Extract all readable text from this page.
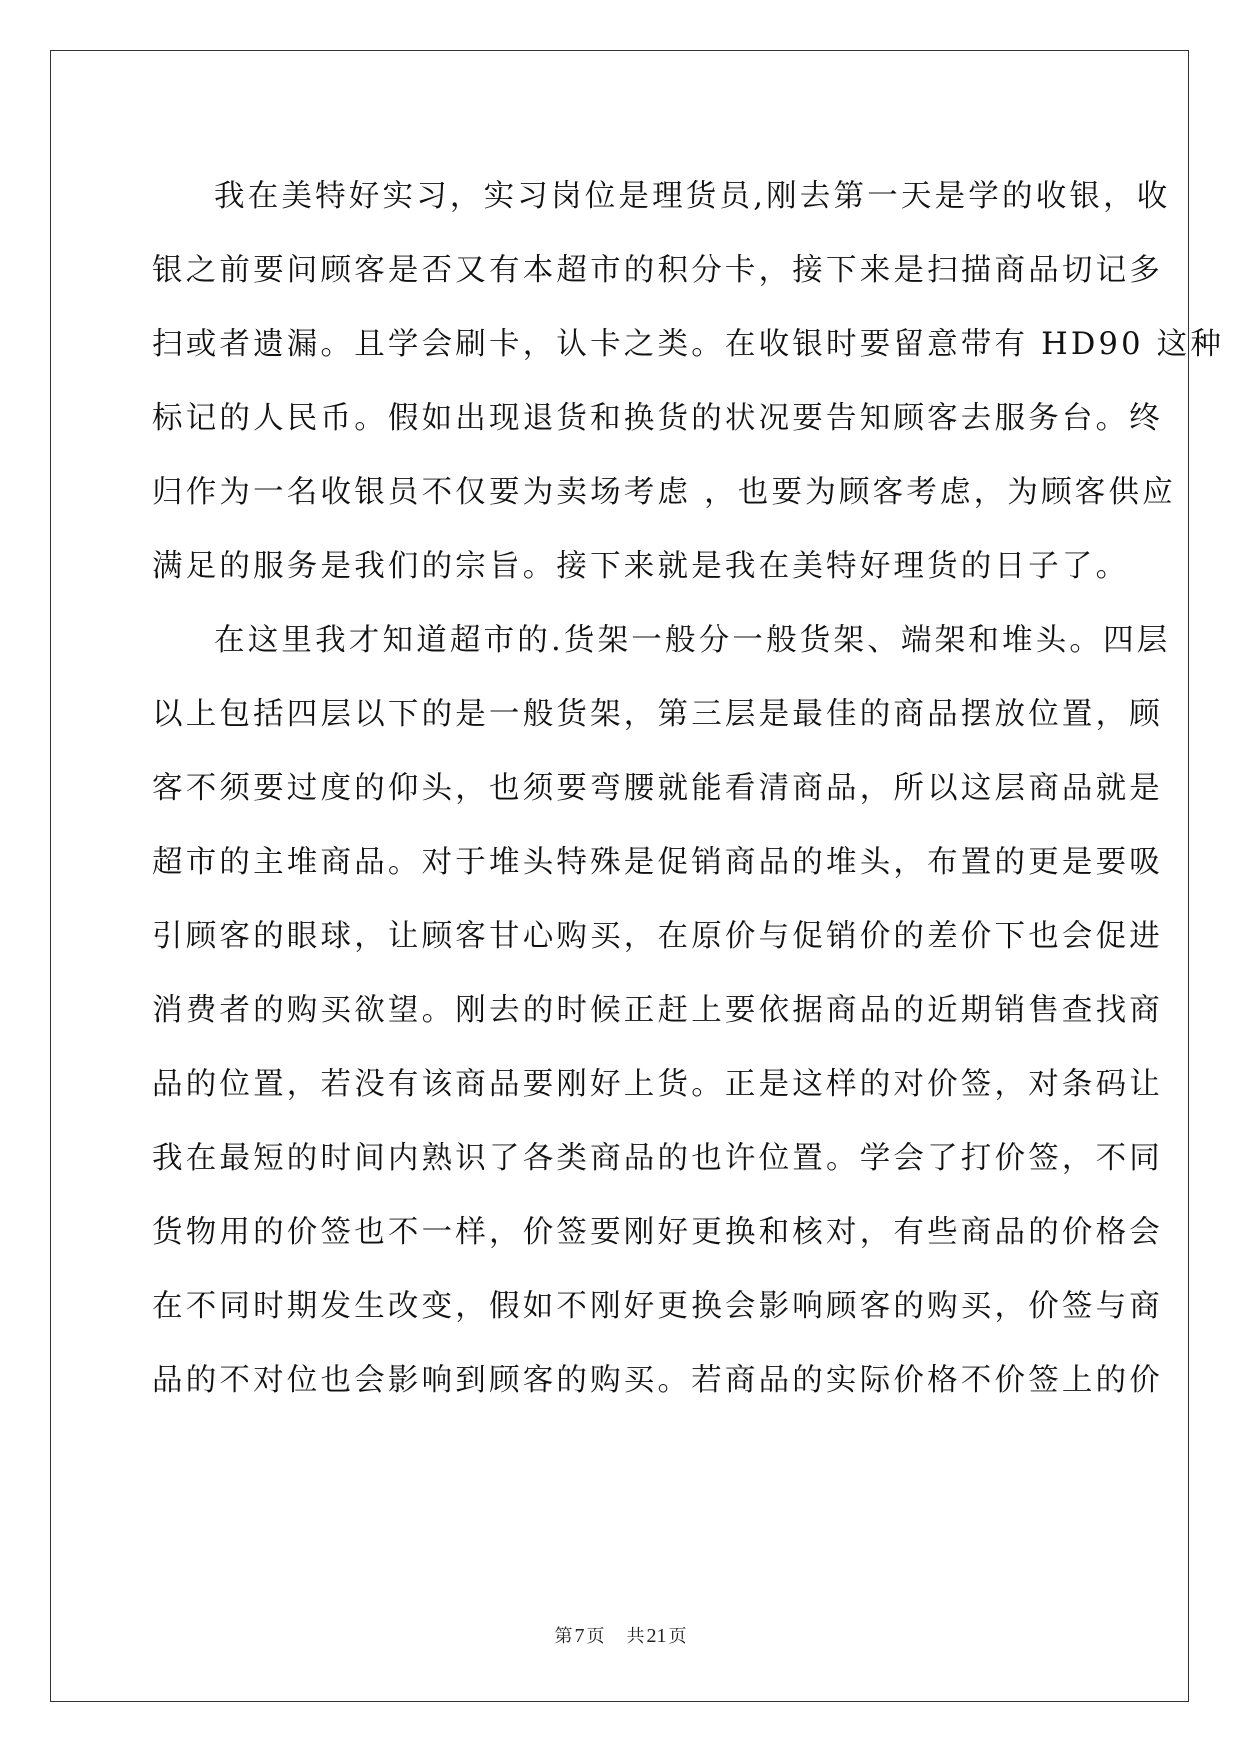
我在美特好实习，实习岗位是理货员,刚去第一天是学的收银，收
银之前要问顾客是否又有本超市的积分卡，接下来是扫描商品切记多
扫或者遗漏。且学会刷卡，认卡之类。在收银时要留意带有 HD90 这种
标记的人民币。假如出现退货和换货的状况要告知顾客去服务台。终
归作为一名收银员不仅要为卖场考虑 ，也要为顾客考虑，为顾客供应
满足的服务是我们的宗旨。接下来就是我在美特好理货的日子了。
在这里我才知道超市的.货架一般分一般货架、端架和堆头。四层
以上包括四层以下的是一般货架，第三层是最佳的商品摆放位置，顾
客不须要过度的仰头，也须要弯腰就能看清商品，所以这层商品就是
超市的主堆商品。对于堆头特殊是促销商品的堆头，布置的更是要吸
引顾客的眼球，让顾客甘心购买，在原价与促销价的差价下也会促进
消费者的购买欲望。刚去的时候正赶上要依据商品的近期销售查找商
品的位置，若没有该商品要刚好上货。正是这样的对价签，对条码让
我在最短的时间内熟识了各类商品的也许位置。学会了打价签，不同
货物用的价签也不一样，价签要刚好更换和核对，有些商品的价格会
在不同时期发生改变，假如不刚好更换会影响顾客的购买，价签与商
品的不对位也会影响到顾客的购买。若商品的实际价格不价签上的价
第 7 页 共 21 页
